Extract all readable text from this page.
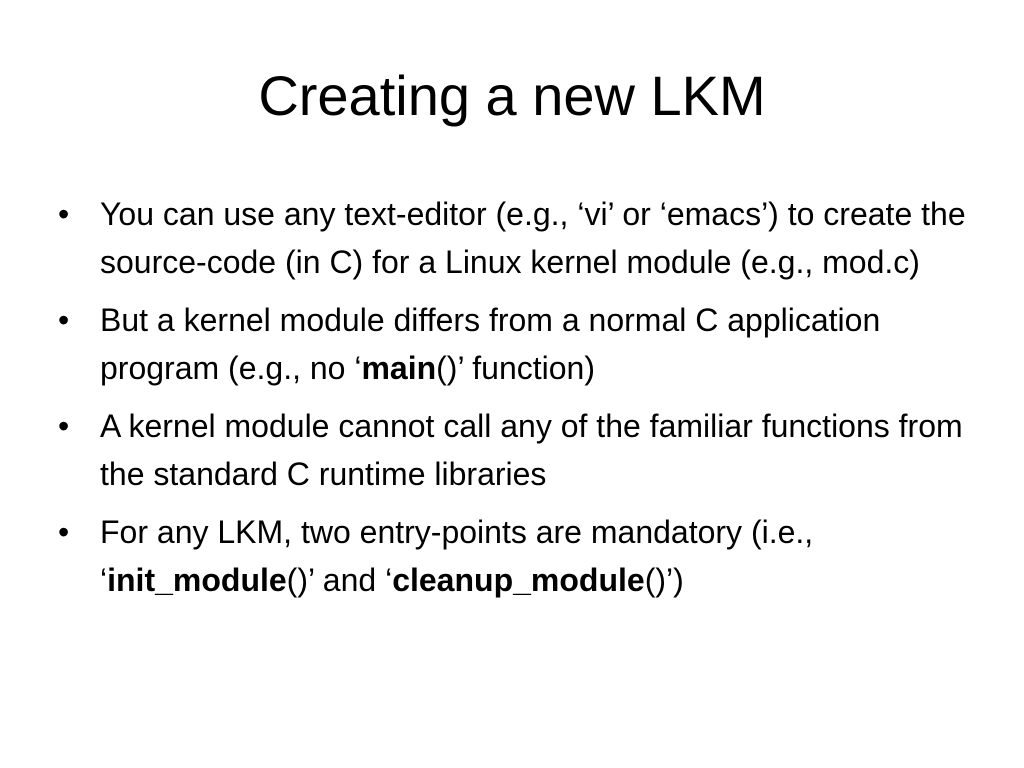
Creating a new LKM
• You can use any text-editor (e.g., ‘vi’ or ‘emacs’) to create the source-code (in C) for a Linux kernel module (e.g., mod.c)
• But a kernel module differs from a normal C application program (e.g., no ‘main()’ function)
• A kernel module cannot call any of the familiar functions from the standard C runtime libraries
• For any LKM, two entry-points are mandatory (i.e., ‘init_module()’ and ‘cleanup_module()’)
